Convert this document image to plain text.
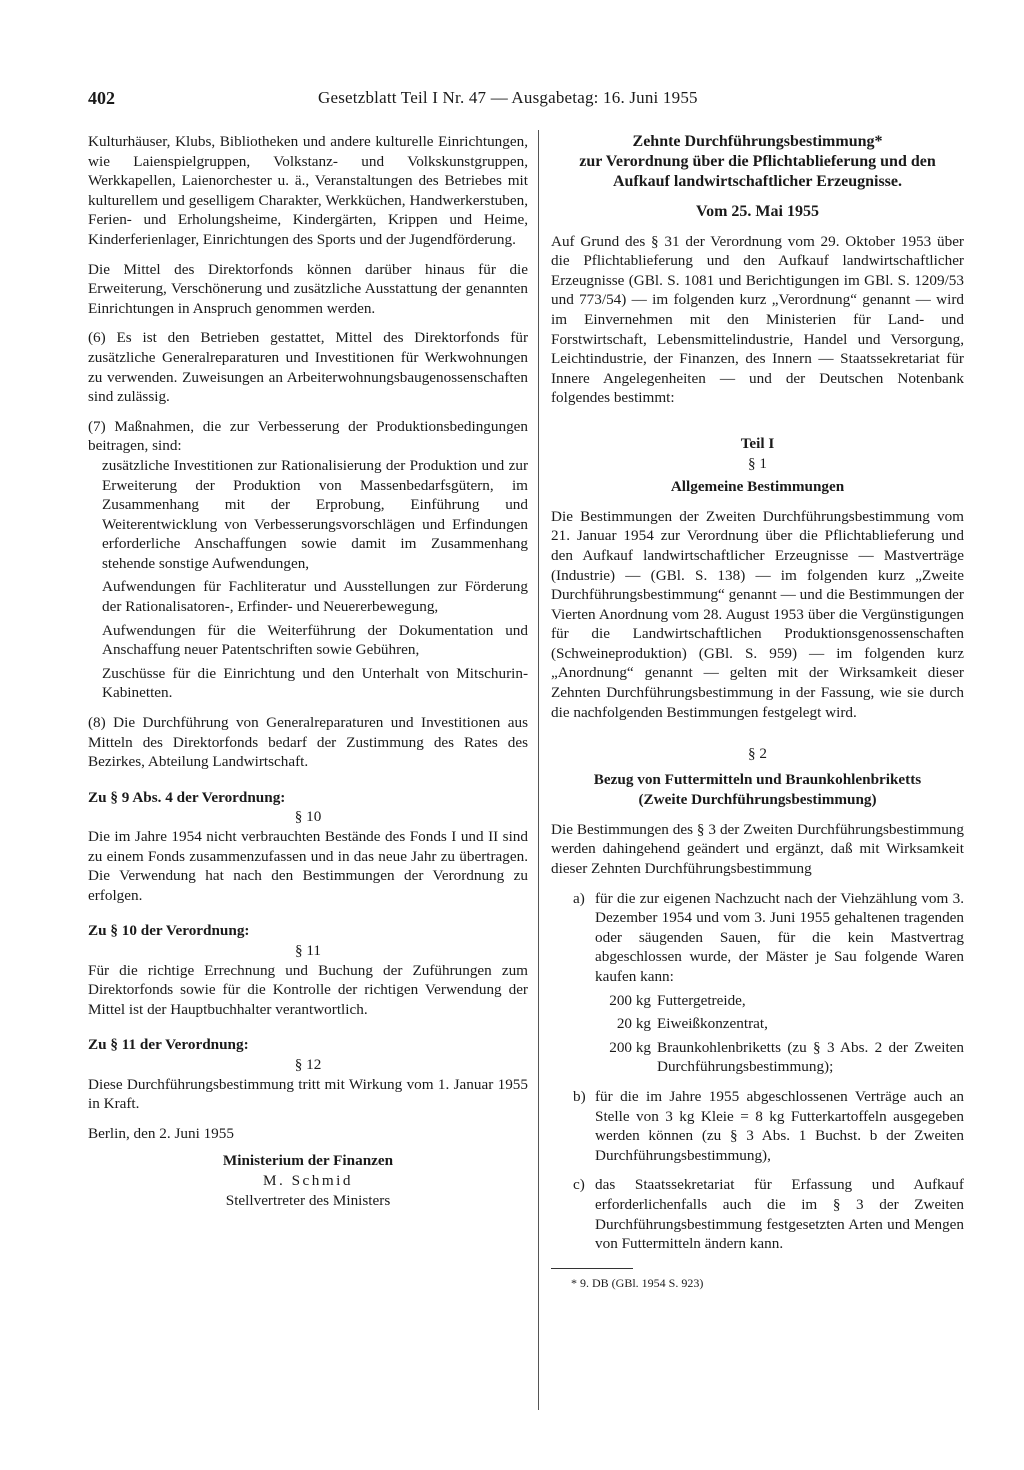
402	Gesetzblatt Teil I Nr. 47 — Ausgabetag: 16. Juni 1955

Kulturhäuser, Klubs, Bibliotheken und andere kulturelle Einrichtungen, wie Laienspielgruppen, Volkstanz- und Volkskunstgruppen, Werkkapellen, Laienorchester u. ä., Veranstaltungen des Betriebes mit kulturellem und geselligem Charakter, Werkküchen, Handwerkerstuben, Ferien- und Erholungsheime, Kindergärten, Krippen und Heime, Kinderferienlager, Einrichtungen des Sports und der Jugendförderung.

Die Mittel des Direktorfonds können darüber hinaus für die Erweiterung, Verschönerung und zusätzliche Ausstattung der genannten Einrichtungen in Anspruch genommen werden.

(6) Es ist den Betrieben gestattet, Mittel des Direktorfonds für zusätzliche Generalreparaturen und Investitionen für Werkwohnungen zu verwenden. Zuweisungen an Arbeiterwohnungsbaugenossenschaften sind zulässig.

(7) Maßnahmen, die zur Verbesserung der Produktionsbedingungen beitragen, sind:

zusätzliche Investitionen zur Rationalisierung der Produktion und zur Erweiterung der Produktion von Massenbedarfsgütern, im Zusammenhang mit der Erprobung, Einführung und Weiterentwicklung von Verbesserungsvorschlägen und Erfindungen erforderliche Anschaffungen sowie damit im Zusammenhang stehende sonstige Aufwendungen,
Aufwendungen für Fachliteratur und Ausstellungen zur Förderung der Rationalisatoren-, Erfinder- und Neuererbewegung,
Aufwendungen für die Weiterführung der Dokumentation und Anschaffung neuer Patentschriften sowie Gebühren,
Zuschüsse für die Einrichtung und den Unterhalt von Mitschurin-Kabinetten.

(8) Die Durchführung von Generalreparaturen und Investitionen aus Mitteln des Direktorfonds bedarf der Zustimmung des Rates des Bezirkes, Abteilung Landwirtschaft.

Zu § 9 Abs. 4 der Verordnung:

§ 10

Die im Jahre 1954 nicht verbrauchten Bestände des Fonds I und II sind zu einem Fonds zusammenzufassen und in das neue Jahr zu übertragen. Die Verwendung hat nach den Bestimmungen der Verordnung zu erfolgen.

Zu § 10 der Verordnung:

§ 11

Für die richtige Errechnung und Buchung der Zuführungen zum Direktorfonds sowie für die Kontrolle der richtigen Verwendung der Mittel ist der Hauptbuchhalter verantwortlich.

Zu § 11 der Verordnung:

§ 12

Diese Durchführungsbestimmung tritt mit Wirkung vom 1. Januar 1955 in Kraft.

Berlin, den 2. Juni 1955

Ministerium der Finanzen

M. Schmid

Stellvertreter des Ministers

Zehnte Durchführungsbestimmung*
zur Verordnung über die Pflichtablieferung und den
Aufkauf landwirtschaftlicher Erzeugnisse.

Vom 25. Mai 1955

Auf Grund des § 31 der Verordnung vom 29. Oktober 1953 über die Pflichtablieferung und den Aufkauf landwirtschaftlicher Erzeugnisse (GBl. S. 1081 und Berichtigungen im GBl. S. 1209/53 und 773/54) — im folgenden kurz „Verordnung“ genannt — wird im Einvernehmen mit den Ministerien für Land- und Forstwirtschaft, Lebensmittelindustrie, Handel und Versorgung, Leichtindustrie, der Finanzen, des Innern — Staatssekretariat für Innere Angelegenheiten — und der Deutschen Notenbank folgendes bestimmt:

Teil I

§ 1

Allgemeine Bestimmungen

Die Bestimmungen der Zweiten Durchführungsbestimmung vom 21. Januar 1954 zur Verordnung über die Pflichtablieferung und den Aufkauf landwirtschaftlicher Erzeugnisse — Mastverträge (Industrie) — (GBl. S. 138) — im folgenden kurz „Zweite Durchführungsbestimmung“ genannt — und die Bestimmungen der Vierten Anordnung vom 28. August 1953 über die Vergünstigungen für die Landwirtschaftlichen Produktionsgenossenschaften (Schweineproduktion) (GBl. S. 959) — im folgenden kurz „Anordnung“ genannt — gelten mit der Wirksamkeit dieser Zehnten Durchführungsbestimmung in der Fassung, wie sie durch die nachfolgenden Bestimmungen festgelegt wird.

§ 2

Bezug von Futtermitteln und Braunkohlenbriketts
(Zweite Durchführungsbestimmung)

Die Bestimmungen des § 3 der Zweiten Durchführungsbestimmung werden dahingehend geändert und ergänzt, daß mit Wirksamkeit dieser Zehnten Durchführungsbestimmung

a) für die zur eigenen Nachzucht nach der Viehzählung vom 3. Dezember 1954 und vom 3. Juni 1955 gehaltenen tragenden oder säugenden Sauen, für die kein Mastvertrag abgeschlossen wurde, der Mäster je Sau folgende Waren kaufen kann:
200 kg Futtergetreide,
20 kg Eiweißkonzentrat,
200 kg Braunkohlenbriketts (zu § 3 Abs. 2 der Zweiten Durchführungsbestimmung);
b) für die im Jahre 1955 abgeschlossenen Verträge auch an Stelle von 3 kg Kleie = 8 kg Futterkartoffeln ausgegeben werden können (zu § 3 Abs. 1 Buchst. b der Zweiten Durchführungsbestimmung),
c) das Staatssekretariat für Erfassung und Aufkauf erforderlichenfalls auch die im § 3 der Zweiten Durchführungsbestimmung festgesetzten Arten und Mengen von Futtermitteln ändern kann.
* 9. DB (GBl. 1954 S. 923)
